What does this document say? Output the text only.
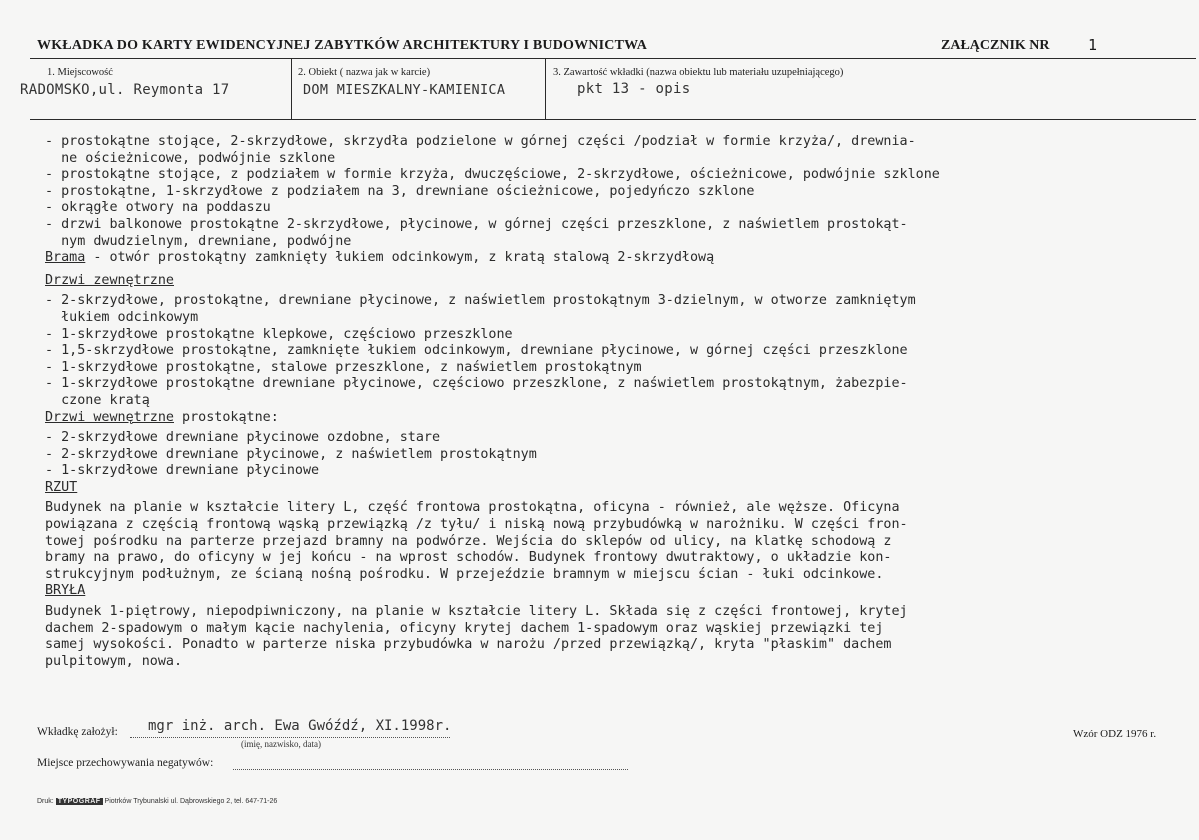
WKŁADKA DO KARTY EWIDENCYJNEJ ZABYTKÓW ARCHITEKTURY I BUDOWNICTWA	ZAŁĄCZNIK NR	1
1. Miejscowość
RADOMSKO,ul. Reymonta 17
2. Obiekt ( nazwa jak w karcie)
DOM MIESZKALNY-KAMIENICA
3. Zawartość wkładki (nazwa obiektu lub materiału uzupełniającego)
pkt 13 - opis
- prostokątne stojące, 2-skrzydłowe, skrzydła podzielone w górnej części /podział w formie krzyża/, drewnia-
ne ościeżnicowe, podwójnie szklone
- prostokątne stojące, z podziałem w formie krzyża, dwuczęściowe, 2-skrzydłowe, ościeżnicowe, podwójnie szklone
- prostokątne, 1-skrzydłowe z podziałem na 3, drewniane ościeżnicowe, pojedyńczo szklone
- okrągłe otwory na poddaszu
- drzwi balkonowe prostokątne 2-skrzydłowe, płycinowe, w górnej części przeszklone, z naświetlem prostokąt-
nym dwudzielnym, drewniane, podwójne
Brama - otwór prostokątny zamknięty łukiem odcinkowym, z kratą stalową 2-skrzydłową
Drzwi zewnętrzne
- 2-skrzydłowe, prostokątne, drewniane płycinowe, z naświetlem prostokątnym 3-dzielnym, w otworze zamkniętym
łukiem odcinkowym
- 1-skrzydłowe prostokątne klepkowe, częściowo przeszklone
- 1,5-skrzydłowe prostokątne, zamknięte łukiem odcinkowym, drewniane płycinowe, w górnej części przeszklone
- 1-skrzydłowe prostokątne, stalowe przeszklone, z naświetlem prostokątnym
- 1-skrzydłowe prostokątne drewniane płycinowe, częściowo przeszklone, z naświetlem prostokątnym, żabezpie-
czone kratą
Drzwi wewnętrzne prostokątne:
- 2-skrzydłowe drewniane płycinowe ozdobne, stare
- 2-skrzydłowe drewniane płycinowe, z naświetlem prostokątnym
- 1-skrzydłowe drewniane płycinowe
RZUT
Budynek na planie w kształcie litery L, część frontowa prostokątna, oficyna - również, ale węższe. Oficyna
powiązana z częścią frontową wąską przewiązką /z tyłu/ i niską nową przybudówką w narożniku. W części fron-
towej pośrodku na parterze przejazd bramny na podwórze. Wejścia do sklepów od ulicy, na klatkę schodową z
bramy na prawo, do oficyny w jej końcu - na wprost schodów. Budynek frontowy dwutraktowy, o układzie kon-
strukcyjnym podłużnym, ze ścianą nośną pośrodku. W przejeździe bramnym w miejscu ścian - łuki odcinkowe.
BRYŁA
Budynek 1-piętrowy, niepodpiwniczony, na planie w kształcie litery L. Składa się z części frontowej, krytej
dachem 2-spadowym o małym kącie nachylenia, oficyny krytej dachem 1-spadowym oraz wąskiej przewiązki tej
samej wysokości. Ponadto w parterze niska przybudówka w narożu /przed przewiązką/, kryta "płaskim" dachem
pulpitowym, nowa.
Wkładkę założył: mgr inż. arch. Ewa Gwóźdź, XI.1998r.
(imię, nazwisko, data)
Wzór ODZ 1976 r.
Miejsce przechowywania negatywów:
Druk: TYPOGRAF Piotrków Trybunalski ul. Dąbrowskiego 2, tel. 647-71-26
